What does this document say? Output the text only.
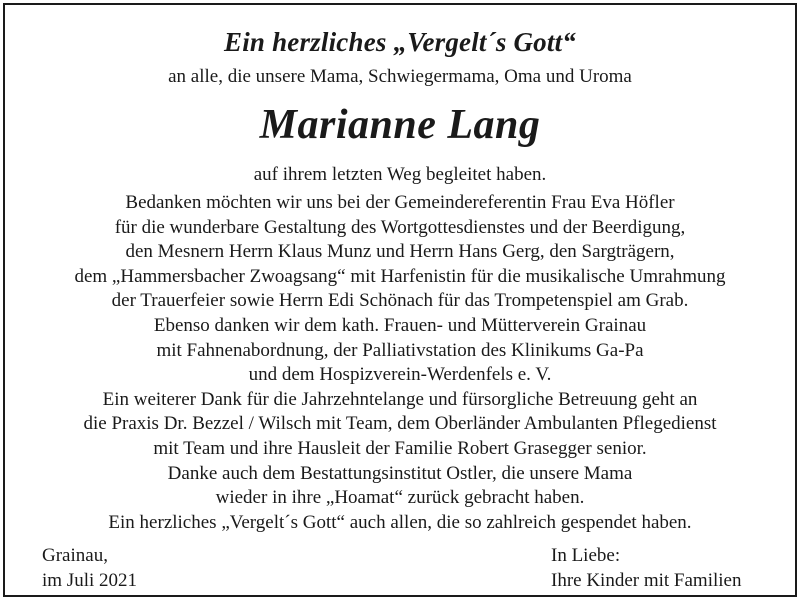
Ein herzliches „Vergelt´s Gott“
an alle, die unsere Mama, Schwiegermama, Oma und Uroma
Marianne Lang
auf ihrem letzten Weg begleitet haben.
Bedanken möchten wir uns bei der Gemeindereferentin Frau Eva Höfler
für die wunderbare Gestaltung des Wortgottesdienstes und der Beerdigung,
den Mesnern Herrn Klaus Munz und Herrn Hans Gerg, den Sargträgern,
dem „Hammersbacher Zwoagsang“ mit Harfenistin für die musikalische Umrahmung
der Trauerfeier sowie Herrn Edi Schönach für das Trompetenspiel am Grab.
Ebenso danken wir dem kath. Frauen- und Mütterverein Grainau
mit Fahnenabordnung, der Palliativstation des Klinikums Ga-Pa
und dem Hospizverein-Werdenfels e. V.
Ein weiterer Dank für die Jahrzehntelange und fürsorgliche Betreuung geht an
die Praxis Dr. Bezzel / Wilsch mit Team, dem Oberländer Ambulanten Pflegedienst
mit Team und ihre Hausleit der Familie Robert Grasegger senior.
Danke auch dem Bestattungsinstitut Ostler, die unsere Mama
wieder in ihre „Hoamat“ zurück gebracht haben.
Ein herzliches „Vergelt´s Gott“ auch allen, die so zahlreich gespendet haben.
Grainau,
im Juli 2021
In Liebe:
Ihre Kinder mit Familien
